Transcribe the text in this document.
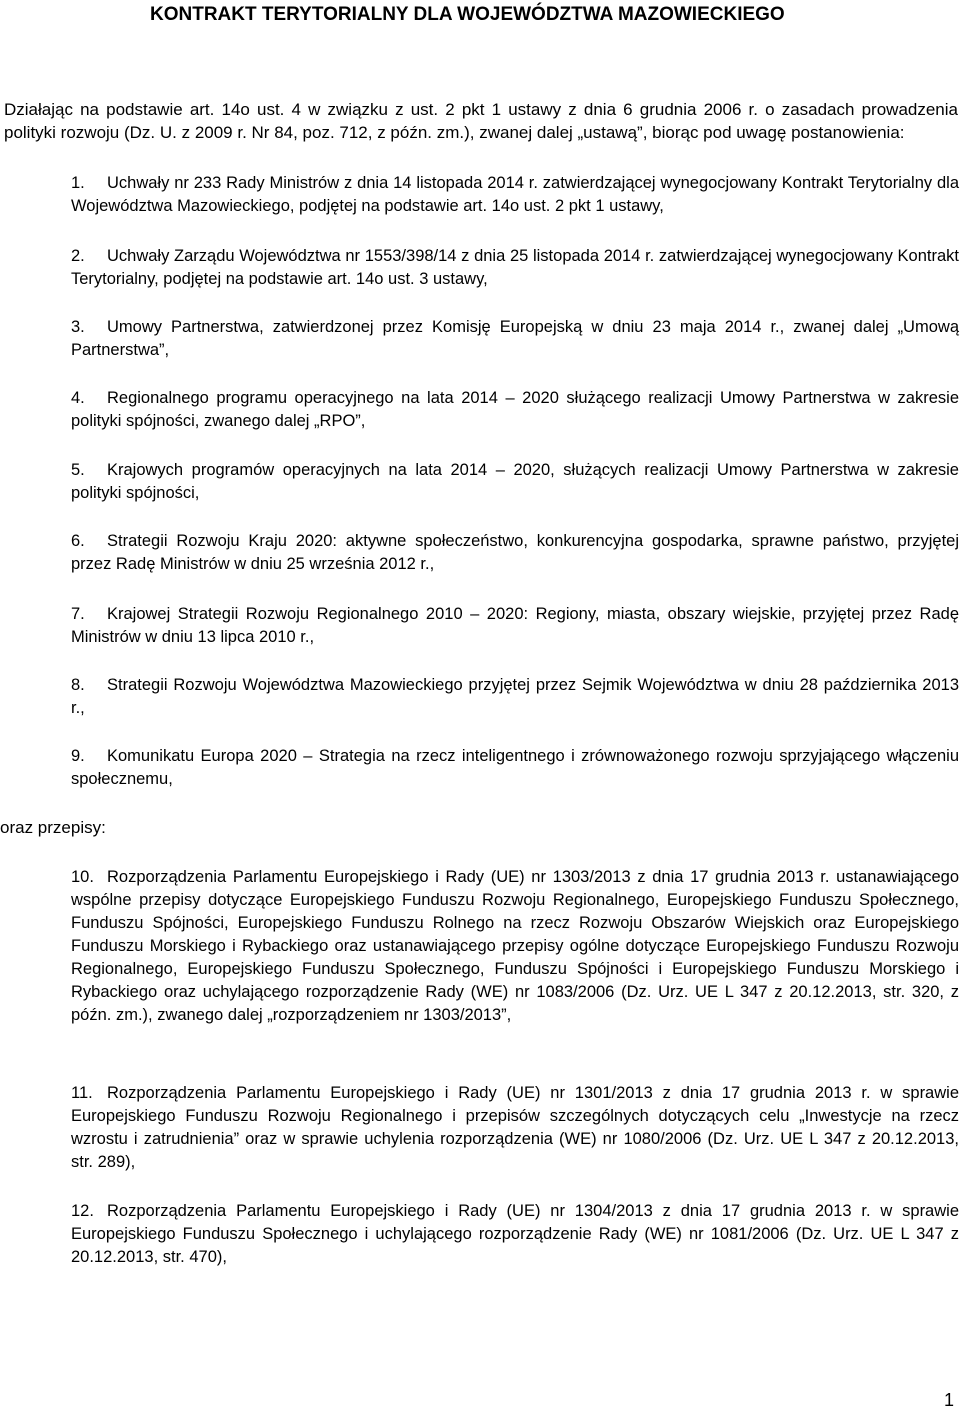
KONTRAKT TERYTORIALNY DLA WOJEWÓDZTWA MAZOWIECKIEGO
Działając na podstawie art. 14o ust. 4 w związku z ust. 2 pkt 1 ustawy z dnia 6 grudnia 2006 r. o zasadach prowadzenia polityki rozwoju (Dz. U. z 2009 r. Nr 84, poz. 712, z późn. zm.), zwanej dalej „ustawą”, biorąc pod uwagę postanowienia:
1. Uchwały nr 233 Rady Ministrów z dnia 14 listopada 2014 r. zatwierdzającej wynegocjowany Kontrakt Terytorialny dla Województwa Mazowieckiego, podjętej na podstawie art. 14o ust. 2 pkt 1 ustawy,
2. Uchwały Zarządu Województwa nr 1553/398/14 z dnia 25 listopada 2014 r. zatwierdzającej wynegocjowany Kontrakt Terytorialny, podjętej na podstawie art. 14o ust. 3 ustawy,
3. Umowy Partnerstwa, zatwierdzonej przez Komisję Europejską w dniu 23 maja 2014 r., zwanej dalej „Umową Partnerstwa”,
4. Regionalnego programu operacyjnego na lata 2014 – 2020 służącego realizacji Umowy Partnerstwa w zakresie polityki spójności, zwanego dalej „RPO”,
5. Krajowych programów operacyjnych na lata 2014 – 2020, służących realizacji Umowy Partnerstwa w zakresie polityki spójności,
6. Strategii Rozwoju Kraju 2020: aktywne społeczeństwo, konkurencyjna gospodarka, sprawne państwo, przyjętej przez Radę Ministrów w dniu 25 września 2012 r.,
7. Krajowej Strategii Rozwoju Regionalnego 2010 – 2020: Regiony, miasta, obszary wiejskie, przyjętej przez Radę Ministrów w dniu 13 lipca 2010 r.,
8. Strategii Rozwoju Województwa Mazowieckiego przyjętej przez Sejmik Województwa w dniu 28 października 2013 r.,
9. Komunikatu Europa 2020 – Strategia na rzecz inteligentnego i zrównoważonego rozwoju sprzyjającego włączeniu społecznemu,
oraz przepisy:
10. Rozporządzenia Parlamentu Europejskiego i Rady (UE) nr 1303/2013 z dnia 17 grudnia 2013 r. ustanawiającego wspólne przepisy dotyczące Europejskiego Funduszu Rozwoju Regionalnego, Europejskiego Funduszu Społecznego, Funduszu Spójności, Europejskiego Funduszu Rolnego na rzecz Rozwoju Obszarów Wiejskich oraz Europejskiego Funduszu Morskiego i Rybackiego oraz ustanawiającego przepisy ogólne dotyczące Europejskiego Funduszu Rozwoju Regionalnego, Europejskiego Funduszu Społecznego, Funduszu Spójności i Europejskiego Funduszu Morskiego i Rybackiego oraz uchylającego rozporządzenie Rady (WE) nr 1083/2006 (Dz. Urz. UE L 347 z 20.12.2013, str. 320, z późn. zm.), zwanego dalej „rozporządzeniem nr 1303/2013”,
11. Rozporządzenia Parlamentu Europejskiego i Rady (UE) nr 1301/2013 z dnia 17 grudnia 2013 r. w sprawie Europejskiego Funduszu Rozwoju Regionalnego i przepisów szczególnych dotyczących celu „Inwestycje na rzecz wzrostu i zatrudnienia” oraz w sprawie uchylenia rozporządzenia (WE) nr 1080/2006 (Dz. Urz. UE L 347 z 20.12.2013, str. 289),
12. Rozporządzenia Parlamentu Europejskiego i Rady (UE) nr 1304/2013 z dnia 17 grudnia 2013 r. w sprawie Europejskiego Funduszu Społecznego i uchylającego rozporządzenie Rady (WE) nr 1081/2006 (Dz. Urz. UE L 347 z 20.12.2013, str. 470),
1
